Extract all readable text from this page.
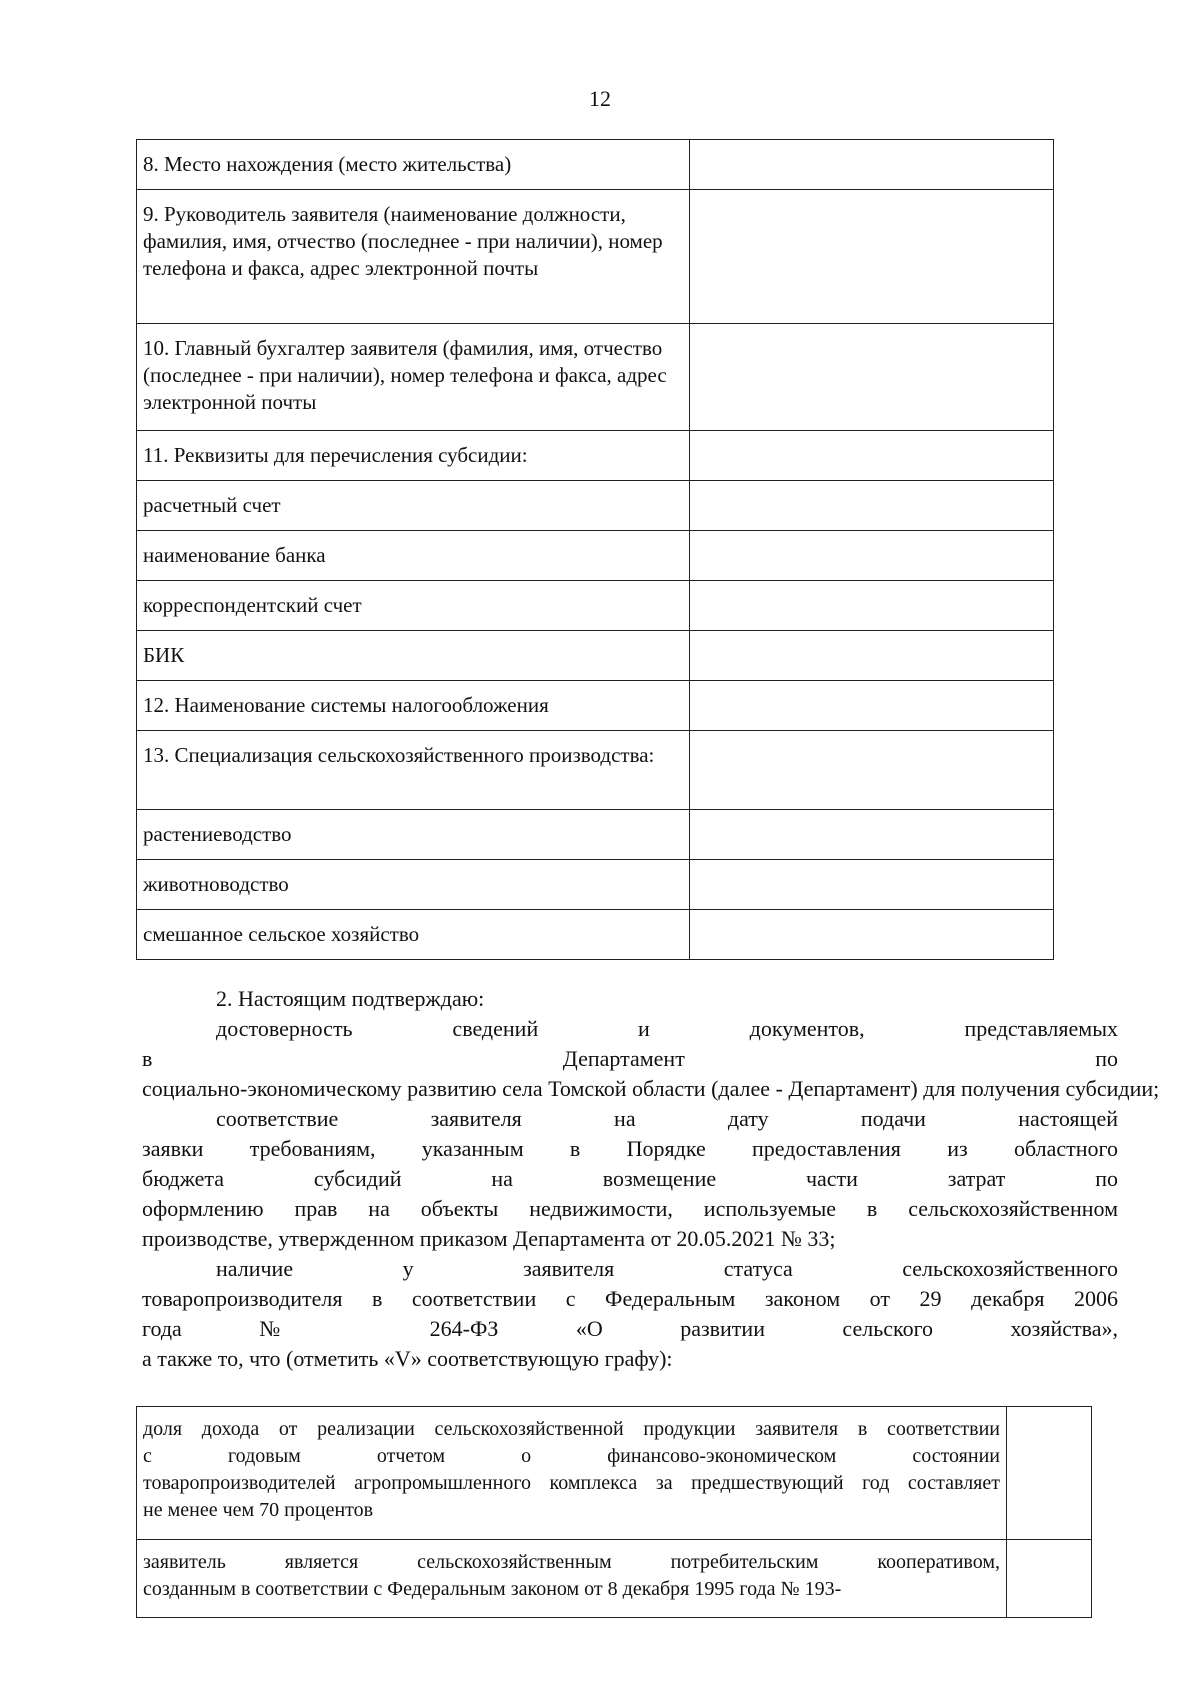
12
8. Место нахождения (место жительства)	
9. Руководитель заявителя (наименование должности, фамилия, имя, отчество (последнее - при наличии), номер телефона и факса, адрес электронной почты	
10. Главный бухгалтер заявителя (фамилия, имя, отчество (последнее - при наличии), номер телефона и факса, адрес электронной почты	
11. Реквизиты для перечисления субсидии:	
расчетный счет	
наименование банка	
корреспондентский счет	
БИК	
12. Наименование системы налогообложения	
13. Специализация сельскохозяйственного производства:	
растениеводство	
животноводство	
смешанное сельское хозяйство	
2. Настоящим подтверждаю:
достоверность сведений и документов, представляемых
в Департамент по
социально-экономическому развитию села Томской области (далее - Департамент) для получения субсидии;
соответствие заявителя на дату подачи настоящей
заявки требованиям, указанным в Порядке предоставления из областного
бюджета субсидий на возмещение части затрат по
оформлению прав на объекты недвижимости, используемые в сельскохозяйственном
производстве, утвержденном приказом Департамента от 20.05.2021 № 33;
наличие у заявителя статуса сельскохозяйственного
товаропроизводителя в соответствии с Федеральным законом от 29 декабря 2006
года № 264-ФЗ «О развитии сельского хозяйства»,
а также то, что (отметить «V» соответствующую графу):
доля дохода от реализации сельскохозяйственной продукции заявителя в соответствии
с годовым отчетом о финансово-экономическом состоянии
товаропроизводителей агропромышленного комплекса за предшествующий год составляет
не менее чем 70 процентов	

заявитель является сельскохозяйственным потребительским кооперативом,
созданным в соответствии с Федеральным законом от 8 декабря 1995 года № 193-	
